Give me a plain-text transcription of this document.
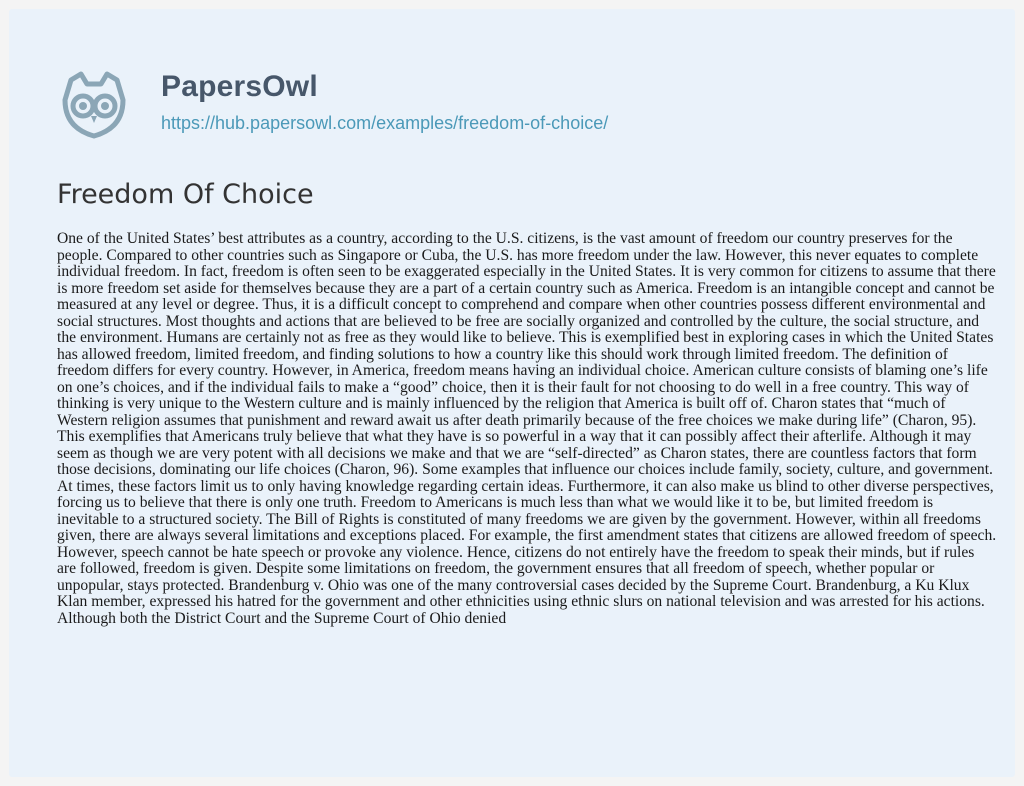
PapersOwl
https://hub.papersowl.com/examples/freedom-of-choice/
Freedom Of Choice

One of the United States’ best attributes as a country, according to the U.S. citizens, is the vast amount of freedom our country preserves for the people. Compared to other countries such as Singapore or Cuba, the U.S. has more freedom under the law. However, this never equates to complete individual freedom. In fact, freedom is often seen to be exaggerated especially in the United States. It is very common for citizens to assume that there is more freedom set aside for themselves because they are a part of a certain country such as America. Freedom is an intangible concept and cannot be measured at any level or degree. Thus, it is a difficult concept to comprehend and compare when other countries possess different environmental and social structures. Most thoughts and actions that are believed to be free are socially organized and controlled by the culture, the social structure, and the environment. Humans are certainly not as free as they would like to believe. This is exemplified best in exploring cases in which the United States has allowed freedom, limited freedom, and finding solutions to how a country like this should work through limited freedom. The definition of freedom differs for every country. However, in America, freedom means having an individual choice. American culture consists of blaming one’s life on one’s choices, and if the individual fails to make a “good” choice, then it is their fault for not choosing to do well in a free country. This way of thinking is very unique to the Western culture and is mainly influenced by the religion that America is built off of. Charon states that “much of Western religion assumes that punishment and reward await us after death primarily because of the free choices we make during life” (Charon, 95). This exemplifies that Americans truly believe that what they have is so powerful in a way that it can possibly affect their afterlife. Although it may seem as though we are very potent with all decisions we make and that we are “self-directed” as Charon states, there are countless factors that form those decisions, dominating our life choices (Charon, 96). Some examples that influence our choices include family, society, culture, and government. At times, these factors limit us to only having knowledge regarding certain ideas. Furthermore, it can also make us blind to other diverse perspectives, forcing us to believe that there is only one truth. Freedom to Americans is much less than what we would like it to be, but limited freedom is inevitable to a structured society. The Bill of Rights is constituted of many freedoms we are given by the government. However, within all freedoms given, there are always several limitations and exceptions placed. For example, the first amendment states that citizens are allowed freedom of speech. However, speech cannot be hate speech or provoke any violence. Hence, citizens do not entirely have the freedom to speak their minds, but if rules are followed, freedom is given. Despite some limitations on freedom, the government ensures that all freedom of speech, whether popular or unpopular, stays protected. Brandenburg v. Ohio was one of the many controversial cases decided by the Supreme Court. Brandenburg, a Ku Klux Klan member, expressed his hatred for the government and other ethnicities using ethnic slurs on national television and was arrested for his actions. Although both the District Court and the Supreme Court of Ohio denied
